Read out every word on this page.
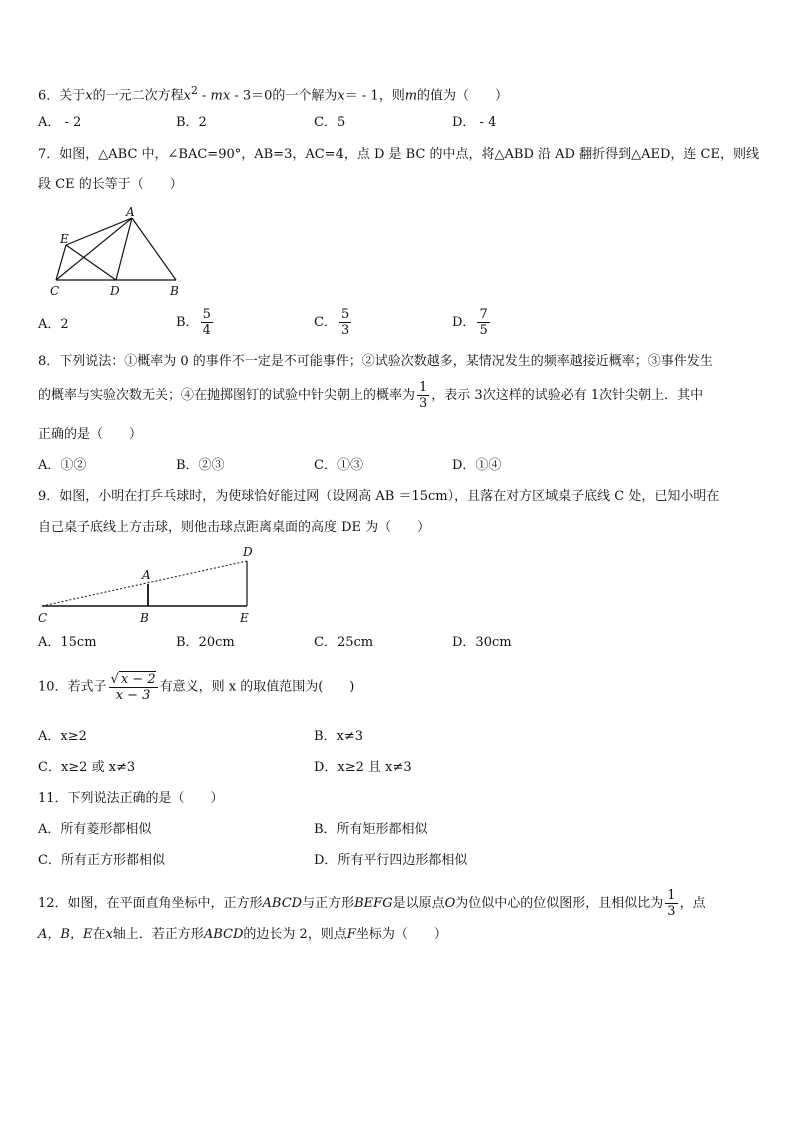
6．关于x的一元二次方程$x^2$ - mx - 3＝0的一个解为x＝ - 1，则m的值为（　　）
A． - 2	B．2	C．5	D． - 4
7．如图，△ABC 中，∠BAC=90°，AB=3，AC=4，点 D 是 BC 的中点，将△ABD 沿 AD 翻折得到△AED，连 CE，则线
段 CE 的长等于（　　）
A
E
C	D	B
A．2	B． $\frac{5}{4}$	C． $\frac{5}{3}$	D． $\frac{7}{5}$
8．下列说法：①概率为 0 的事件不一定是不可能事件；②试验次数越多，某情况发生的频率越接近概率；③事件发生
的概率与实验次数无关；④在抛掷图钉的试验中针尖朝上的概率为 $\frac{1}{3}$ ，表示 3次这样的试验必有 1次针尖朝上．其中
正确的是（　　）
A．①②	B．②③	C．①③	D．①④
9．如图，小明在打乒乓球时，为使球恰好能过网（设网高 AB ＝15cm），且落在对方区域桌子底线 C 处，已知小明在
自己桌子底线上方击球，则他击球点距离桌面的高度 DE 为（　　）
D
A
C	B	E
A．15cm	B．20cm	C．25cm	D．30cm
10．若式子 $\frac{√ x - 2}{x - 3}$ 有意义，则 x 的取值范围为(　　)
A．x≥2	B．x≠3
C．x≥2 或 x≠3	D．x≥2 且 x≠3
11．下列说法正确的是（　　）
A．所有菱形都相似	B．所有矩形都相似
C．所有正方形都相似	D．所有平行四边形都相似
12．如图，在平面直角坐标中，正方形ABCD与正方形BEFG是以原点O为位似中心的位似图形，且相似比为 $\frac{1}{3}$ ，点
A，B，E在x轴上．若正方形ABCD的边长为 2，则点F坐标为（　　）
